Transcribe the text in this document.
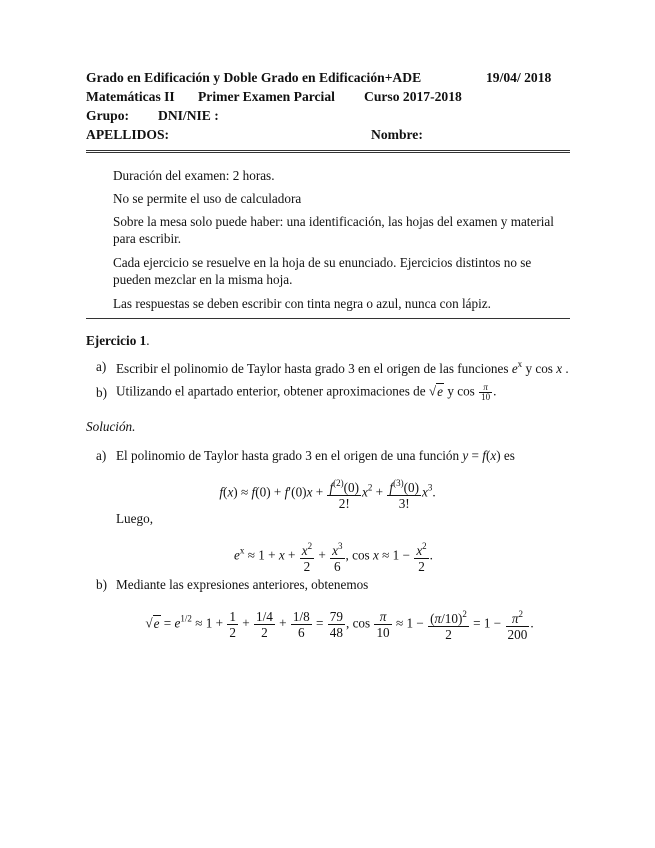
Grado en Edificación y Doble Grado en Edificación+ADE	19/04/ 2018
Matemáticas II Primer Examen Parcial Curso 2017-2018
Grupo: DNI/NIE :
APELLIDOS:	Nombre:

Duración del examen: 2 horas.

No se permite el uso de calculadora

Sobre la mesa solo puede haber: una identificación, las hojas del examen y material para escribir.

Cada ejercicio se resuelve en la hoja de su enunciado. Ejercicios distintos no se pueden mezclar en la misma hoja.

Las respuestas se deben escribir con tinta negra o azul, nunca con lápiz.

Ejercicio 1.
a) Escribir el polinomio de Taylor hasta grado 3 en el origen de las funciones $e^x$ y cos x .
b) Utilizando el apartado enterior, obtener aproximaciones de √e y $\cos \frac{\pi}{10}$ .
Solución.
a) El polinomio de Taylor hasta grado 3 en el origen de una función y = f(x) es
$f(x) \approx f(0) + f'(0)x + \frac{f^{(2)}(0)}{2!} x^2 + \frac{f^{(3)}(0)}{3!} x^3$.
Luego,
$e^x \approx 1 + x + \frac{x^2}{2} + \frac{x^3}{6}$ , $\cos x \approx 1 - \frac{x^2}{2}$ .
b) Mediante las expresiones anteriores, obtenemos
$√e = e^{1/2} \approx 1 + \frac{1}{2} + \frac{1/4}{2} + \frac{1/8}{6} = \frac{79}{48}$ , $\cos \frac{\pi}{10} \approx 1 - \frac{(\pi/10)^2}{2} = 1 - \frac{\pi^2}{200}$ .
